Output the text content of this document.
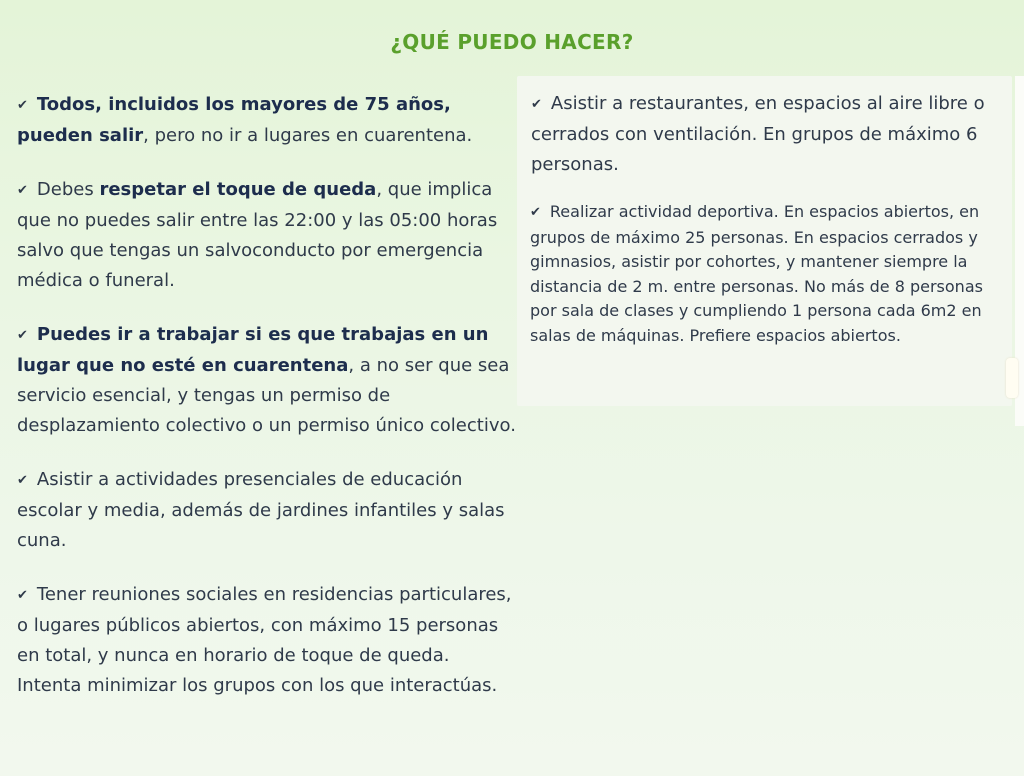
¿QUÉ PUEDO HACER?

✔ Todos, incluidos los mayores de 75 años, pueden salir, pero no ir a lugares en cuarentena.

✔ Debes respetar el toque de queda, que implica que no puedes salir entre las 22:00 y las 05:00 horas salvo que tengas un salvoconducto por emergencia médica o funeral.

✔ Puedes ir a trabajar si es que trabajas en un lugar que no esté en cuarentena, a no ser que sea servicio esencial, y tengas un permiso de desplazamiento colectivo o un permiso único colectivo.

✔ Asistir a actividades presenciales de educación escolar y media, además de jardines infantiles y salas cuna.

✔ Tener reuniones sociales en residencias particulares, o lugares públicos abiertos, con máximo 15 personas en total, y nunca en horario de toque de queda. Intenta minimizar los grupos con los que interactúas.

✔ Asistir a restaurantes, en espacios al aire libre o cerrados con ventilación. En grupos de máximo 6 personas.

✔ Realizar actividad deportiva. En espacios abiertos, en grupos de máximo 25 personas. En espacios cerrados y gimnasios, asistir por cohortes, y mantener siempre la distancia de 2 m. entre personas. No más de 8 personas por sala de clases y cumpliendo 1 persona cada 6m2 en salas de máquinas. Prefiere espacios abiertos.
